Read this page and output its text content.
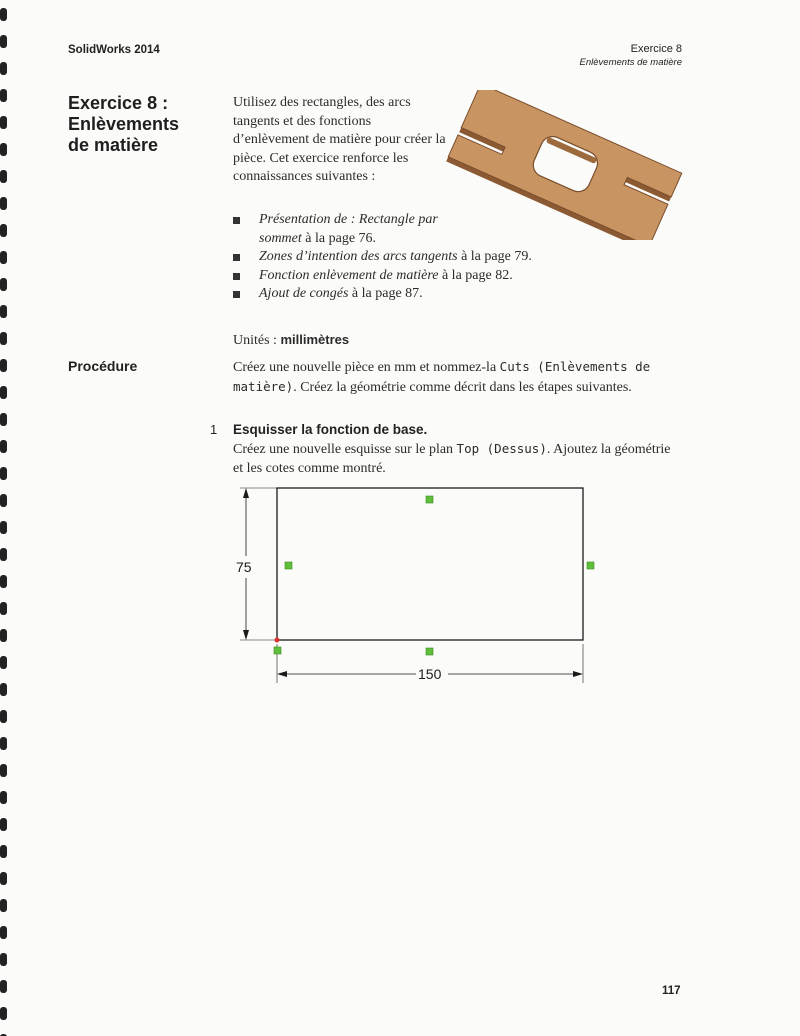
SolidWorks 2014	Exercice 8
Enlèvements de matière
Exercice 8 :
Enlèvements
de matière
Utilisez des rectangles, des arcs tangents et des fonctions d’enlèvement de matière pour créer la pièce. Cet exercice renforce les connaissances suivantes :
Présentation de : Rectangle par sommet à la page 76.
Zones d’intention des arcs tangents à la page 79.
Fonction enlèvement de matière à la page 82.
Ajout de congés à la page 87.
Unités : millimètres
Procédure	Créez une nouvelle pièce en mm et nommez-la Cuts (Enlèvements de matière). Créez la géométrie comme décrit dans les étapes suivantes.
1 Esquisser la fonction de base.
Créez une nouvelle esquisse sur le plan Top (Dessus). Ajoutez la géométrie et les cotes comme montré.
75
150
117
